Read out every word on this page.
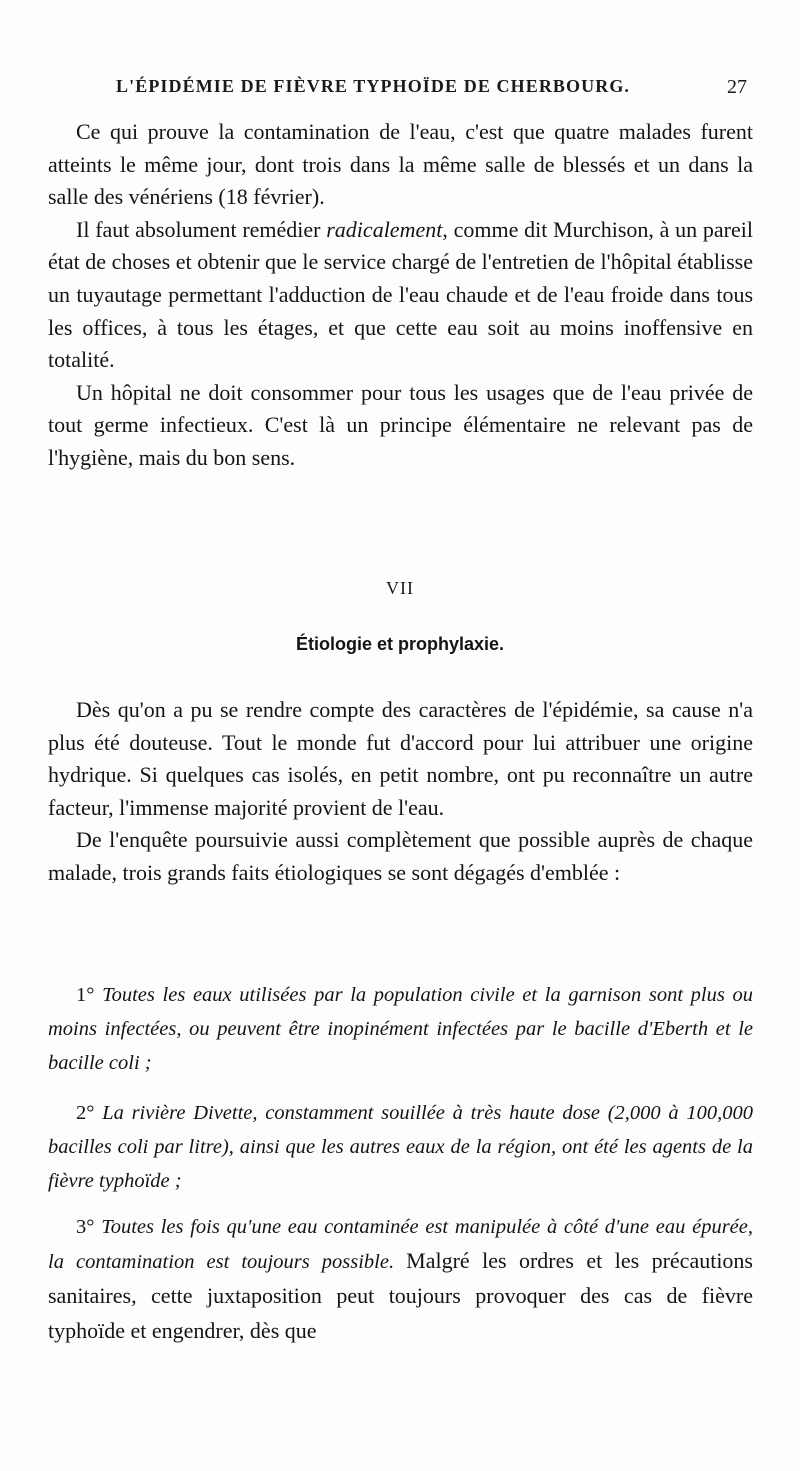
L'ÉPIDÉMIE DE FIÈVRE TYPHOÏDE DE CHERBOURG.	27

Ce qui prouve la contamination de l'eau, c'est que quatre malades furent atteints le même jour, dont trois dans la même salle de blessés et un dans la salle des vénériens (18 février).

Il faut absolument remédier radicalement, comme dit Murchison, à un pareil état de choses et obtenir que le service chargé de l'entretien de l'hôpital établisse un tuyautage permettant l'adduction de l'eau chaude et de l'eau froide dans tous les offices, à tous les étages, et que cette eau soit au moins inoffensive en totalité.

Un hôpital ne doit consommer pour tous les usages que de l'eau privée de tout germe infectieux. C'est là un principe élémentaire ne relevant pas de l'hygiène, mais du bon sens.

VII
Étiologie et prophylaxie.

Dès qu'on a pu se rendre compte des caractères de l'épidémie, sa cause n'a plus été douteuse. Tout le monde fut d'accord pour lui attribuer une origine hydrique. Si quelques cas isolés, en petit nombre, ont pu reconnaître un autre facteur, l'immense majorité provient de l'eau.

De l'enquête poursuivie aussi complètement que possible auprès de chaque malade, trois grands faits étiologiques se sont dégagés d'emblée :

1° Toutes les eaux utilisées par la population civile et la garnison sont plus ou moins infectées, ou peuvent être inopinément infectées par le bacille d'Eberth et le bacille coli ;

2° La rivière Divette, constamment souillée à très haute dose (2,000 à 100,000 bacilles coli par litre), ainsi que les autres eaux de la région, ont été les agents de la fièvre typhoïde ;

3° Toutes les fois qu'une eau contaminée est manipulée à côté d'une eau épurée, la contamination est toujours possible. Malgré les ordres et les précautions sanitaires, cette juxtaposition peut toujours provoquer des cas de fièvre typhoïde et engendrer, dès que
